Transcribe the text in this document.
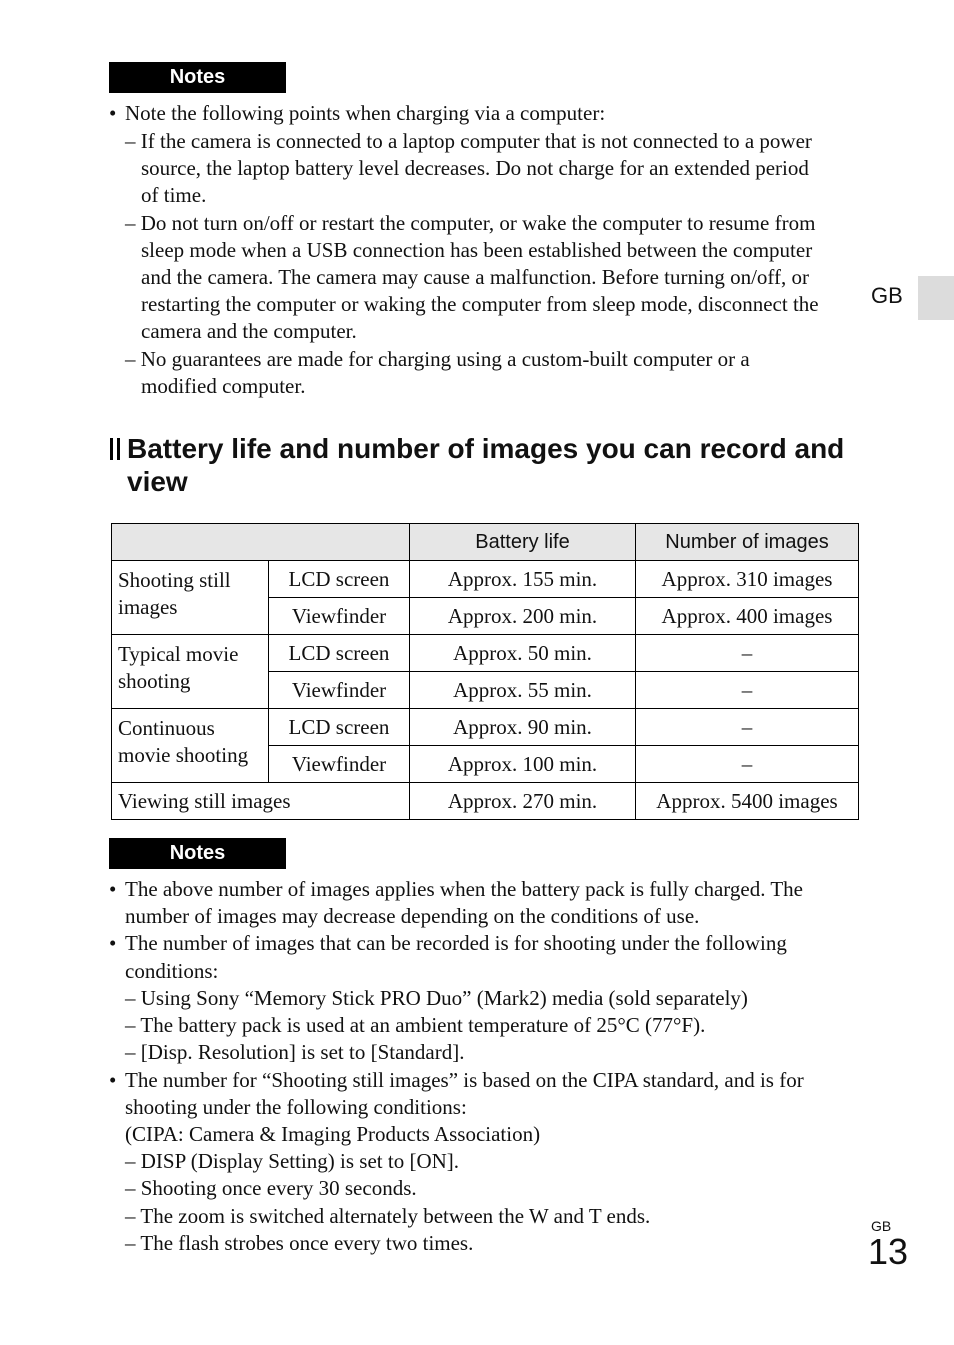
Notes
• Note the following points when charging via a computer:
– If the camera is connected to a laptop computer that is not connected to a power
source, the laptop battery level decreases. Do not charge for an extended period
of time.
– Do not turn on/off or restart the computer, or wake the computer to resume from
sleep mode when a USB connection has been established between the computer
and the camera. The camera may cause a malfunction. Before turning on/off, or
restarting the computer or waking the computer from sleep mode, disconnect the
camera and the computer.
– No guarantees are made for charging using a custom-built computer or a
modified computer.
GB
Battery life and number of images you can record and view
		Battery life	Number of images
Shooting still images	LCD screen	Approx. 155 min.	Approx. 310 images
	Viewfinder	Approx. 200 min.	Approx. 400 images
Typical movie shooting	LCD screen	Approx. 50 min.	–
	Viewfinder	Approx. 55 min.	–
Continuous movie shooting	LCD screen	Approx. 90 min.	–
	Viewfinder	Approx. 100 min.	–
Viewing still images		Approx. 270 min.	Approx. 5400 images
Notes
• The above number of images applies when the battery pack is fully charged. The
number of images may decrease depending on the conditions of use.
• The number of images that can be recorded is for shooting under the following
conditions:
– Using Sony “Memory Stick PRO Duo” (Mark2) media (sold separately)
– The battery pack is used at an ambient temperature of 25°C (77°F).
– [Disp. Resolution] is set to [Standard].
• The number for “Shooting still images” is based on the CIPA standard, and is for
shooting under the following conditions:
(CIPA: Camera & Imaging Products Association)
– DISP (Display Setting) is set to [ON].
– Shooting once every 30 seconds.
– The zoom is switched alternately between the W and T ends.
– The flash strobes once every two times.
GB
13
